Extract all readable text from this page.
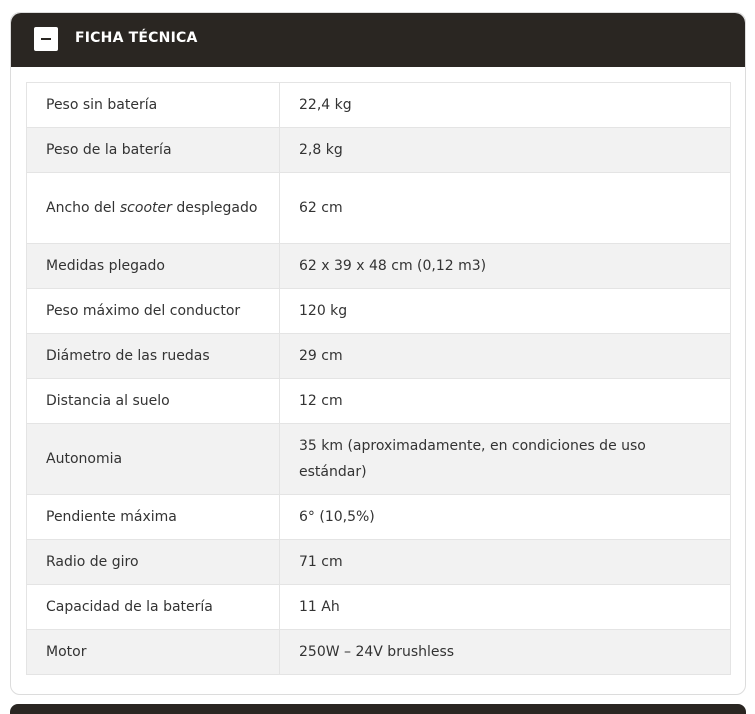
FICHA TÉCNICA
Peso sin batería	22,4 kg
Peso de la batería	2,8 kg
Ancho del scooter desplegado	62 cm
Medidas plegado	62 x 39 x 48 cm (0,12 m3)
Peso máximo del conductor	120 kg
Diámetro de las ruedas	29 cm
Distancia al suelo	12 cm
Autonomia	35 km (aproximadamente, en condiciones de uso estándar)
Pendiente máxima	6° (10,5%)
Radio de giro	71 cm
Capacidad de la batería	11 Ah
Motor	250W – 24V brushless
